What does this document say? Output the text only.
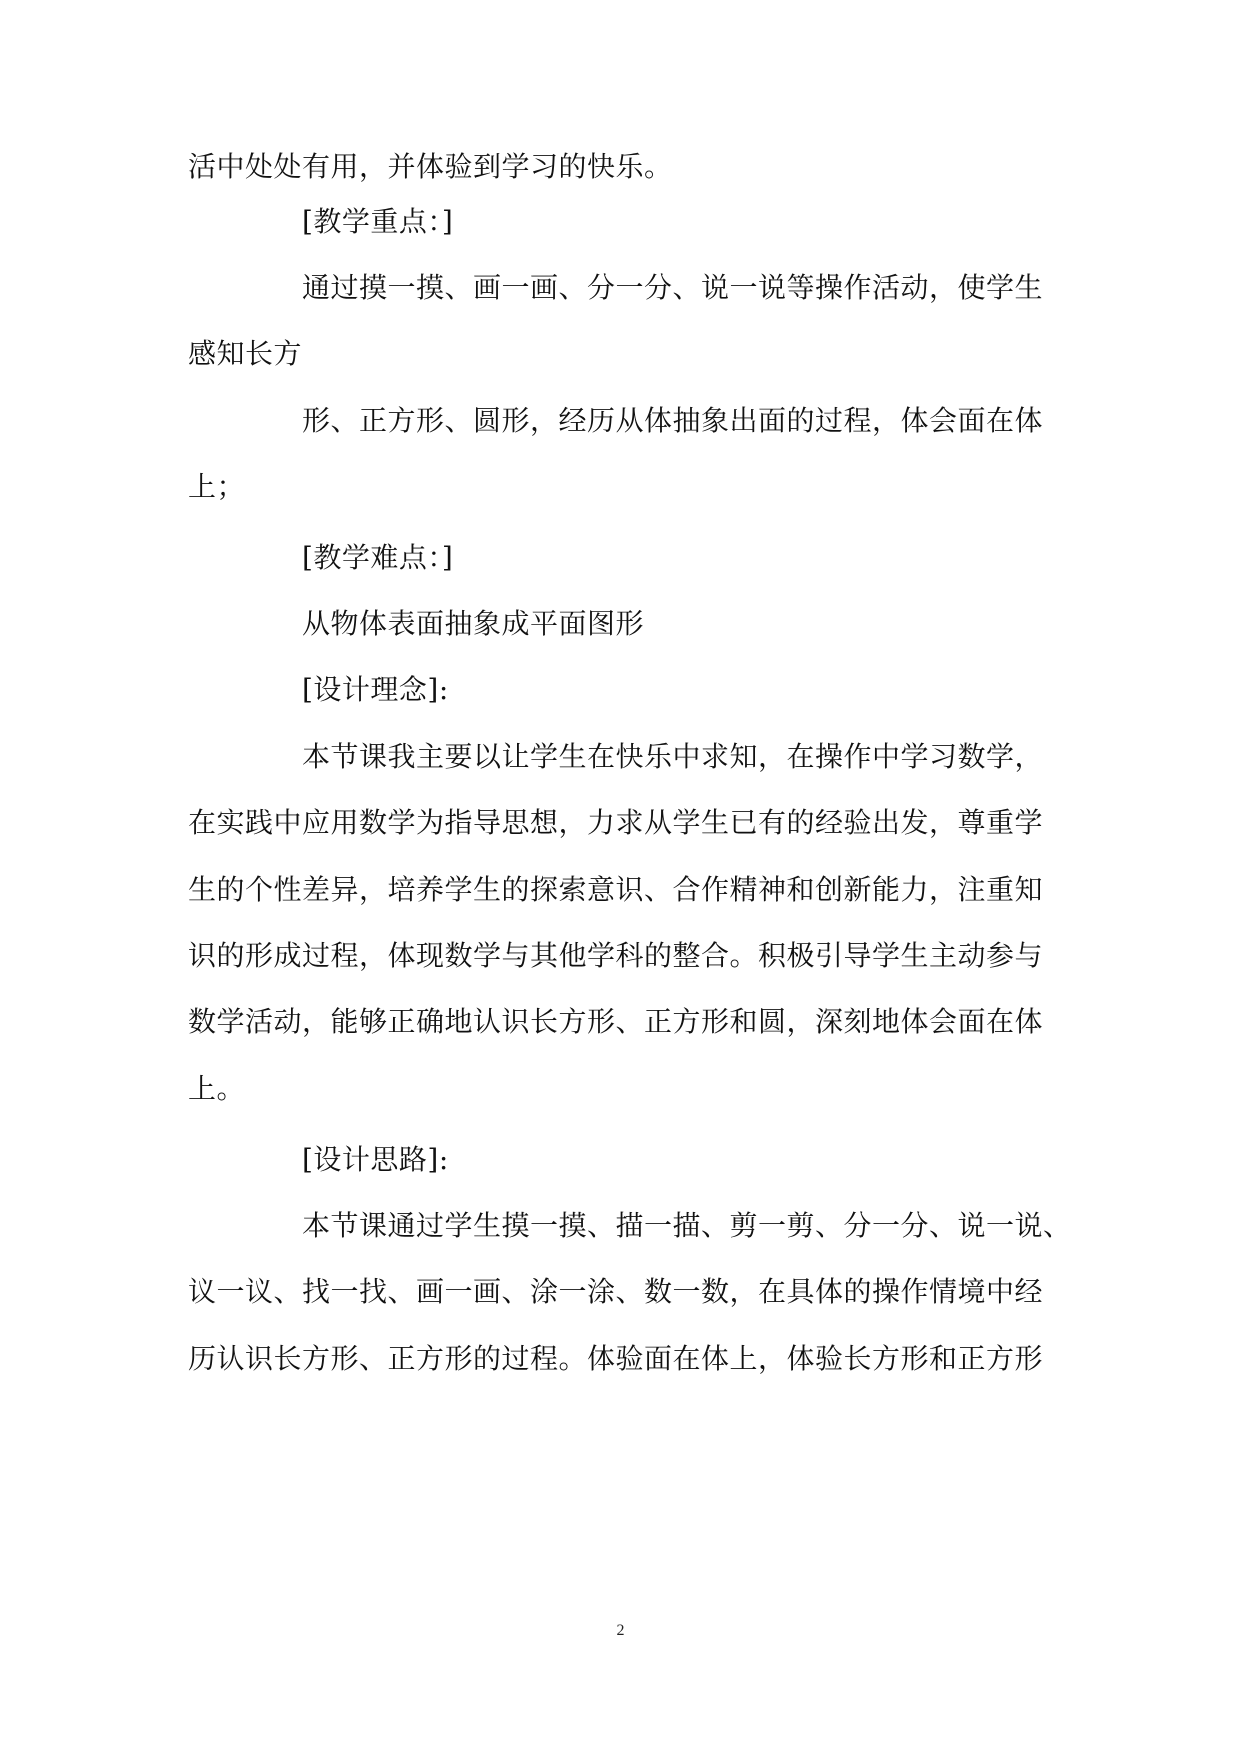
活中处处有用，并体验到学习的快乐。
[教学重点：]
通过摸一摸、画一画、分一分、说一说等操作活动，使学生
感知长方
形、正方形、圆形，经历从体抽象出面的过程，体会面在体
上；
[教学难点：]
从物体表面抽象成平面图形
[设计理念]:
本节课我主要以让学生在快乐中求知，在操作中学习数学，
在实践中应用数学为指导思想，力求从学生已有的经验出发，尊重学
生的个性差异，培养学生的探索意识、合作精神和创新能力，注重知
识的形成过程，体现数学与其他学科的整合。积极引导学生主动参与
数学活动，能够正确地认识长方形、正方形和圆，深刻地体会面在体
上。
[设计思路]:
本节课通过学生摸一摸、描一描、剪一剪、分一分、说一说、
议一议、找一找、画一画、涂一涂、数一数，在具体的操作情境中经
历认识长方形、正方形的过程。体验面在体上，体验长方形和正方形
2
